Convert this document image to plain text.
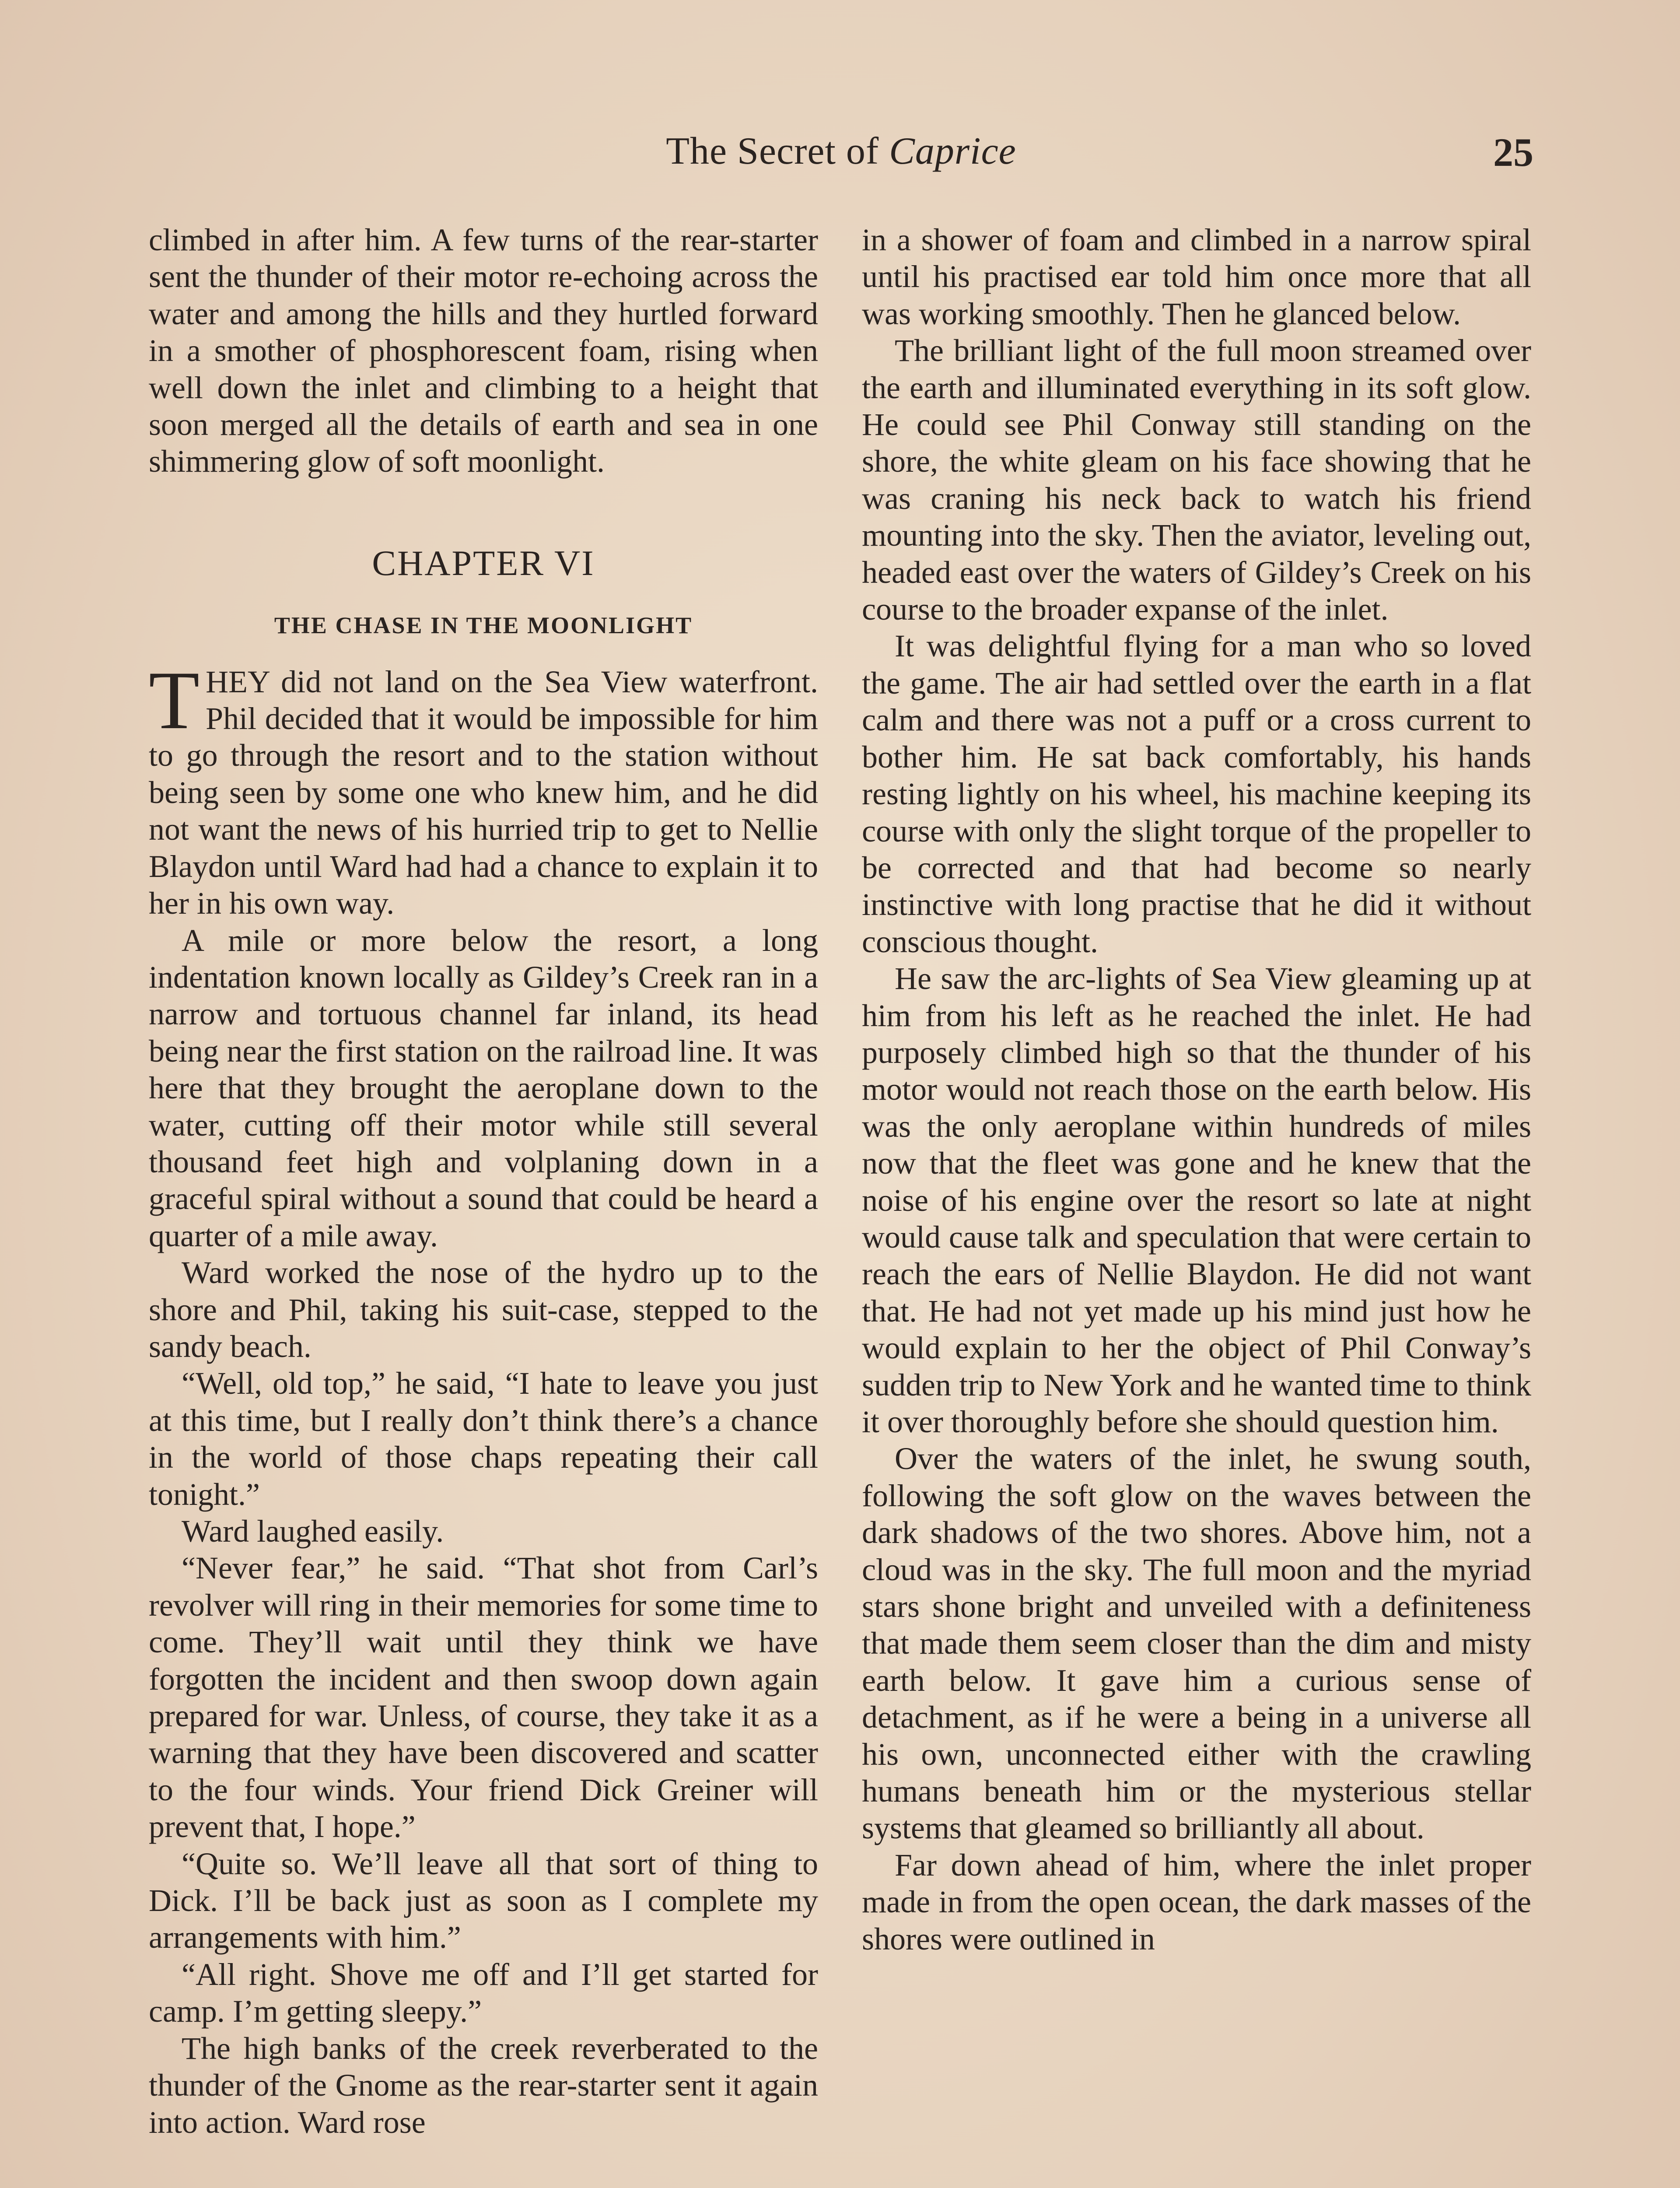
The Secret of Caprice	25

climbed in after him. A few turns of the rear-starter sent the thunder of their motor re-echoing across the water and among the hills and they hurtled forward in a smother of phosphorescent foam, rising when well down the inlet and climbing to a height that soon merged all the details of earth and sea in one shimmering glow of soft moonlight.

CHAPTER VI
THE CHASE IN THE MOONLIGHT

THEY did not land on the Sea View waterfront. Phil decided that it would be impossible for him to go through the resort and to the station without being seen by some one who knew him, and he did not want the news of his hurried trip to get to Nellie Blaydon until Ward had had a chance to explain it to her in his own way.

A mile or more below the resort, a long indentation known locally as Gildey’s Creek ran in a narrow and tortuous channel far inland, its head being near the first station on the railroad line. It was here that they brought the aeroplane down to the water, cutting off their motor while still several thousand feet high and volplaning down in a graceful spiral without a sound that could be heard a quarter of a mile away.

Ward worked the nose of the hydro up to the shore and Phil, taking his suit-case, stepped to the sandy beach.

“Well, old top,” he said, “I hate to leave you just at this time, but I really don’t think there’s a chance in the world of those chaps repeating their call tonight.”

Ward laughed easily.

“Never fear,” he said. “That shot from Carl’s revolver will ring in their memories for some time to come. They’ll wait until they think we have forgotten the incident and then swoop down again prepared for war. Unless, of course, they take it as a warning that they have been discovered and scatter to the four winds. Your friend Dick Greiner will prevent that, I hope.”

“Quite so. We’ll leave all that sort of thing to Dick. I’ll be back just as soon as I complete my arrangements with him.”

“All right. Shove me off and I’ll get started for camp. I’m getting sleepy.”

The high banks of the creek reverberated to the thunder of the Gnome as the rear-starter sent it again into action. Ward rose

in a shower of foam and climbed in a narrow spiral until his practised ear told him once more that all was working smoothly. Then he glanced below.

The brilliant light of the full moon streamed over the earth and illuminated everything in its soft glow. He could see Phil Conway still standing on the shore, the white gleam on his face showing that he was craning his neck back to watch his friend mounting into the sky. Then the aviator, leveling out, headed east over the waters of Gildey’s Creek on his course to the broader expanse of the inlet.

It was delightful flying for a man who so loved the game. The air had settled over the earth in a flat calm and there was not a puff or a cross current to bother him. He sat back comfortably, his hands resting lightly on his wheel, his machine keeping its course with only the slight torque of the propeller to be corrected and that had become so nearly instinctive with long practise that he did it without conscious thought.

He saw the arc-lights of Sea View gleaming up at him from his left as he reached the inlet. He had purposely climbed high so that the thunder of his motor would not reach those on the earth below. His was the only aeroplane within hundreds of miles now that the fleet was gone and he knew that the noise of his engine over the resort so late at night would cause talk and speculation that were certain to reach the ears of Nellie Blaydon. He did not want that. He had not yet made up his mind just how he would explain to her the object of Phil Conway’s sudden trip to New York and he wanted time to think it over thoroughly before she should question him.

Over the waters of the inlet, he swung south, following the soft glow on the waves between the dark shadows of the two shores. Above him, not a cloud was in the sky. The full moon and the myriad stars shone bright and unveiled with a definiteness that made them seem closer than the dim and misty earth below. It gave him a curious sense of detachment, as if he were a being in a universe all his own, unconnected either with the crawling humans beneath him or the mysterious stellar systems that gleamed so brilliantly all about.

Far down ahead of him, where the inlet proper made in from the open ocean, the dark masses of the shores were outlined in
